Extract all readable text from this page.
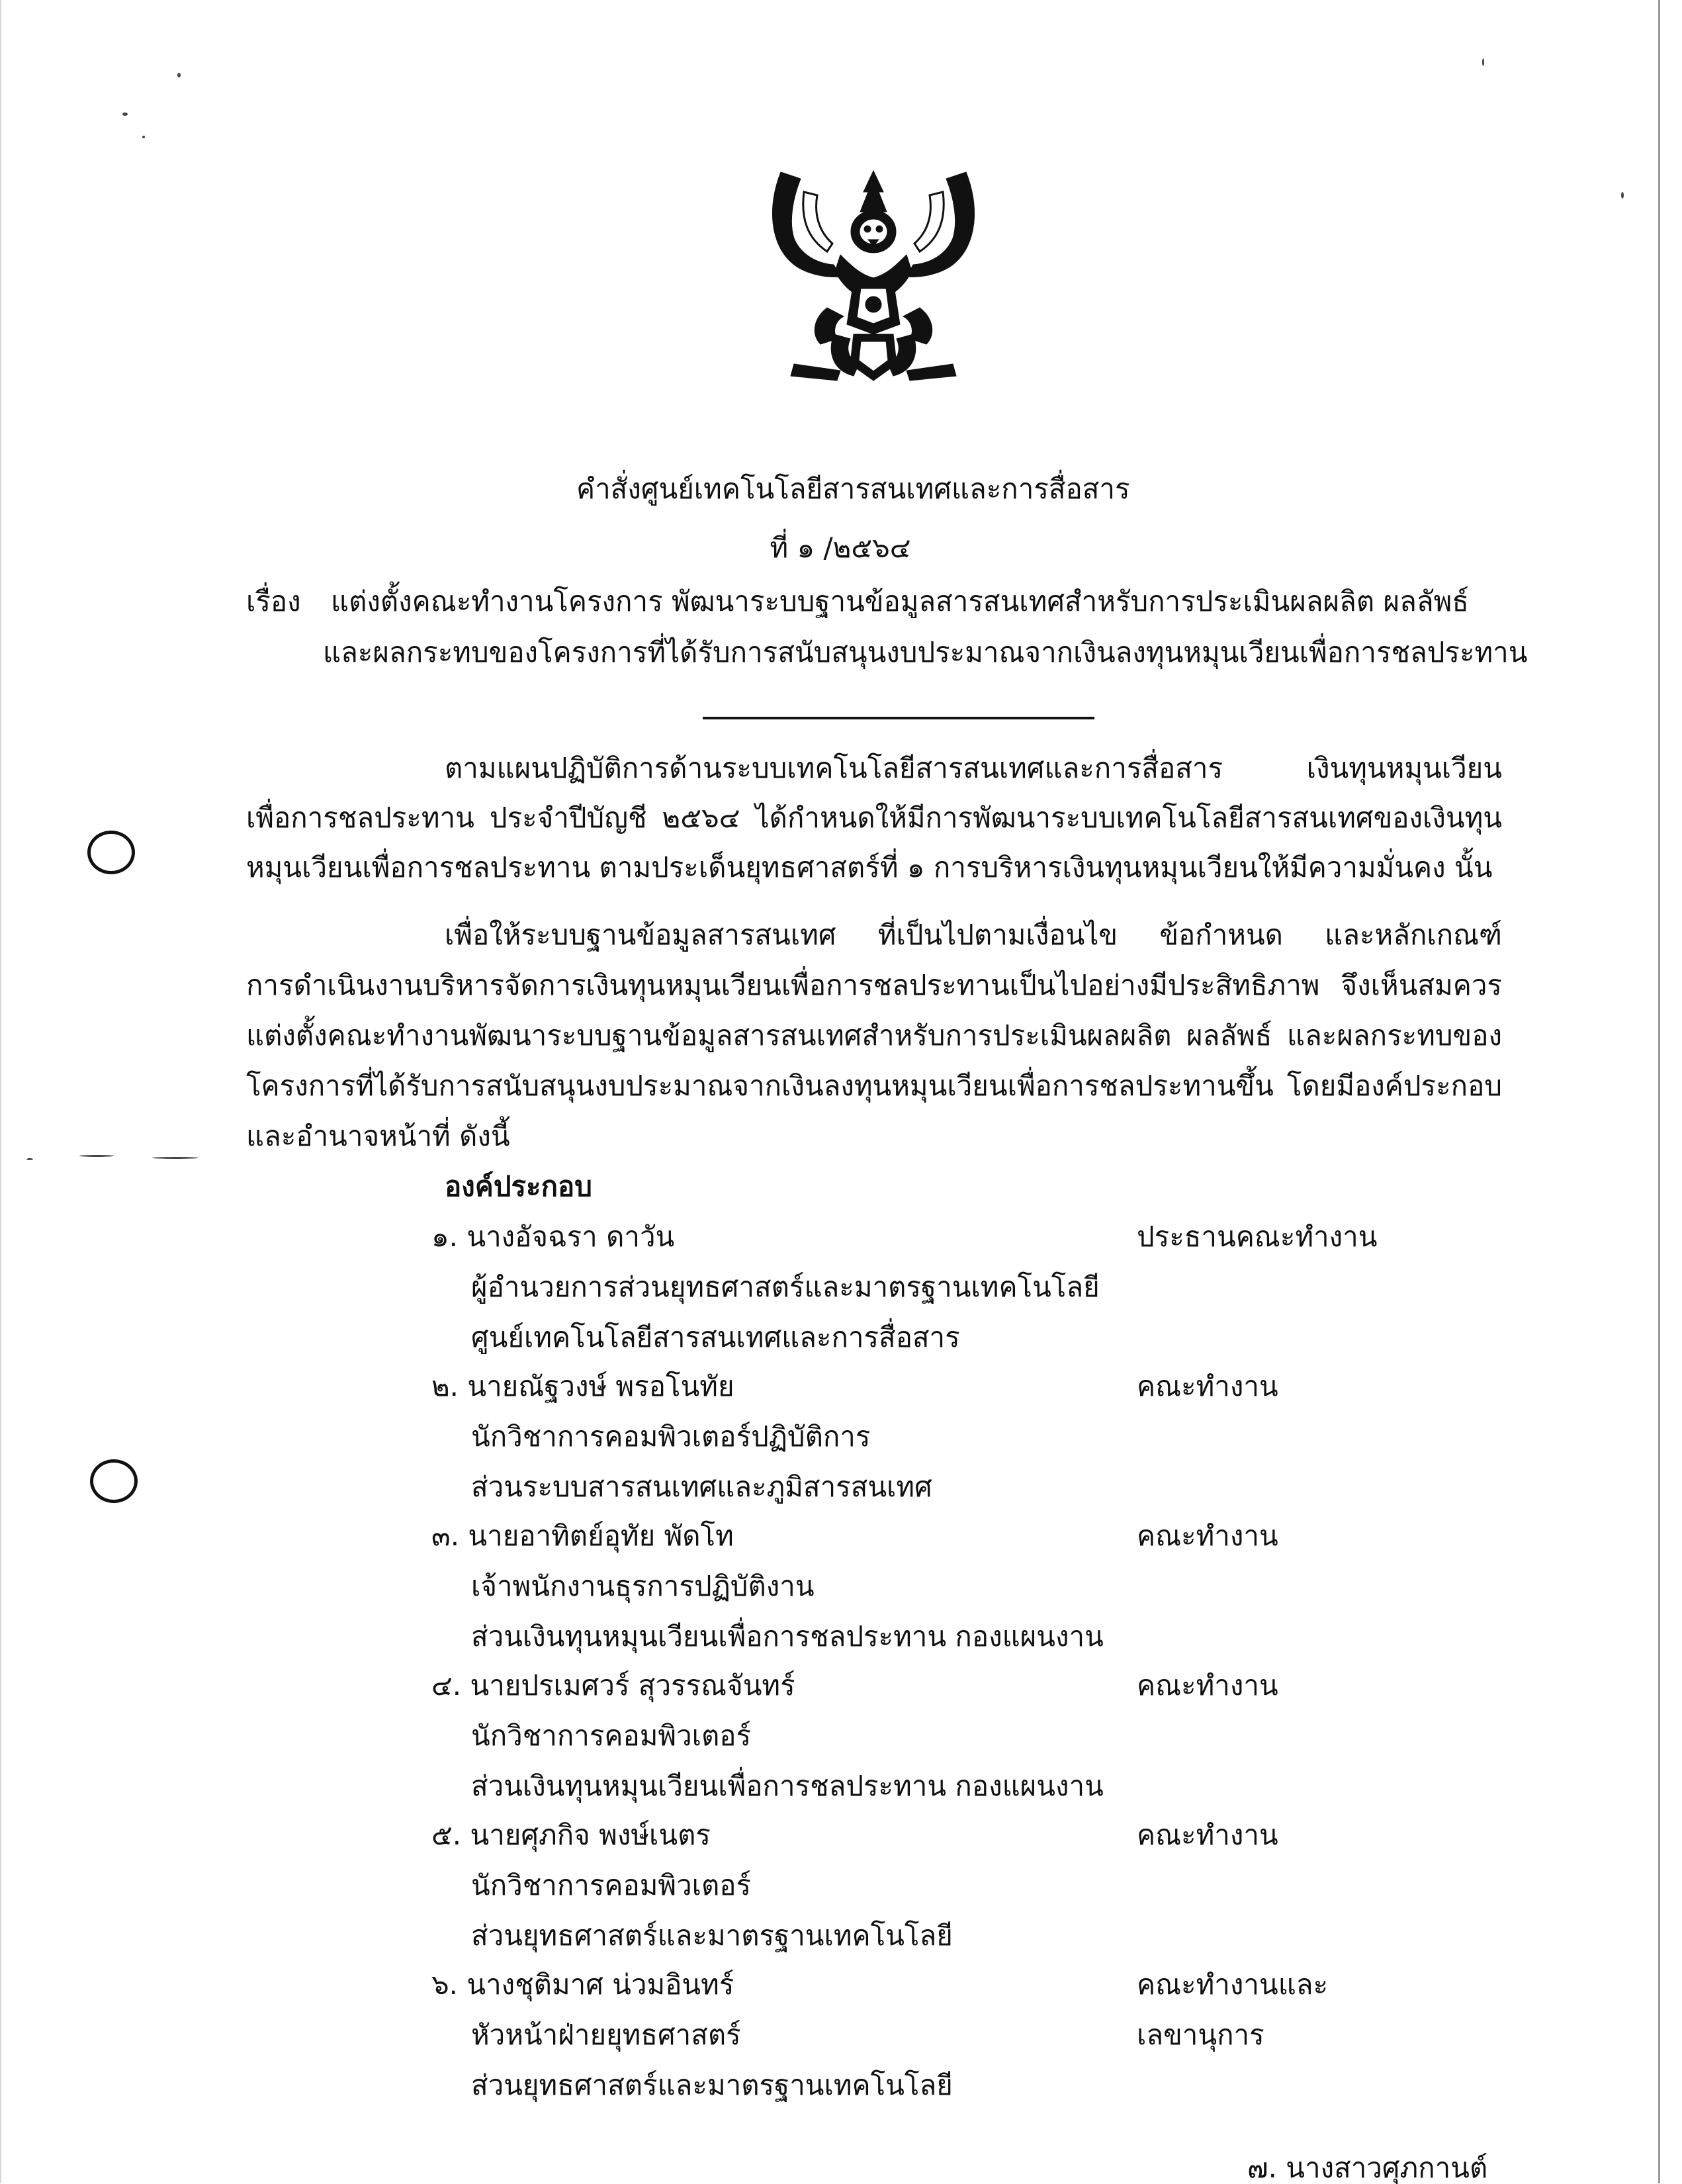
คำสั่งศูนย์เทคโนโลยีสารสนเทศและการสื่อสาร
ที่ ๑ /๒๕๖๔
เรื่อง แต่งตั้งคณะทำงานโครงการ พัฒนาระบบฐานข้อมูลสารสนเทศสำหรับการประเมินผลผลิต ผลลัพธ์
และผลกระทบของโครงการที่ได้รับการสนับสนุนงบประมาณจากเงินลงทุนหมุนเวียนเพื่อการชลประทาน
ตามแผนปฏิบัติการด้านระบบเทคโนโลยีสารสนเทศและการสื่อสาร เงินทุนหมุนเวียน
เพื่อการชลประทาน ประจำปีบัญชี ๒๕๖๔ ได้กำหนดให้มีการพัฒนาระบบเทคโนโลยีสารสนเทศของเงินทุน
หมุนเวียนเพื่อการชลประทาน ตามประเด็นยุทธศาสตร์ที่ ๑ การบริหารเงินทุนหมุนเวียนให้มีความมั่นคง นั้น
เพื่อให้ระบบฐานข้อมูลสารสนเทศ ที่เป็นไปตามเงื่อนไข ข้อกำหนด และหลักเกณฑ์
การดำเนินงานบริหารจัดการเงินทุนหมุนเวียนเพื่อการชลประทานเป็นไปอย่างมีประสิทธิภาพ จึงเห็นสมควร
แต่งตั้งคณะทำงานพัฒนาระบบฐานข้อมูลสารสนเทศสำหรับการประเมินผลผลิต ผลลัพธ์ และผลกระทบของ
โครงการที่ได้รับการสนับสนุนงบประมาณจากเงินลงทุนหมุนเวียนเพื่อการชลประทานขึ้น โดยมีองค์ประกอบ
และอำนาจหน้าที่ ดังนี้
องค์ประกอบ
๑. นางอัจฉรา ดาวัน	ประธานคณะทำงาน
ผู้อำนวยการส่วนยุทธศาสตร์และมาตรฐานเทคโนโลยี
ศูนย์เทคโนโลยีสารสนเทศและการสื่อสาร
๒. นายณัฐวงษ์ พรอโนทัย	คณะทำงาน
นักวิชาการคอมพิวเตอร์ปฏิบัติการ
ส่วนระบบสารสนเทศและภูมิสารสนเทศ
๓. นายอาทิตย์อุทัย พัดโท	คณะทำงาน
เจ้าพนักงานธุรการปฏิบัติงาน
ส่วนเงินทุนหมุนเวียนเพื่อการชลประทาน กองแผนงาน
๔. นายปรเมศวร์ สุวรรณจันทร์	คณะทำงาน
นักวิชาการคอมพิวเตอร์
ส่วนเงินทุนหมุนเวียนเพื่อการชลประทาน กองแผนงาน
๕. นายศุภกิจ พงษ์เนตร	คณะทำงาน
นักวิชาการคอมพิวเตอร์
ส่วนยุทธศาสตร์และมาตรฐานเทคโนโลยี
๖. นางชุติมาศ น่วมอินทร์	คณะทำงานและ
หัวหน้าฝ่ายยุทธศาสตร์	เลขานุการ
ส่วนยุทธศาสตร์และมาตรฐานเทคโนโลยี
๗. นางสาวศุภกานต์
